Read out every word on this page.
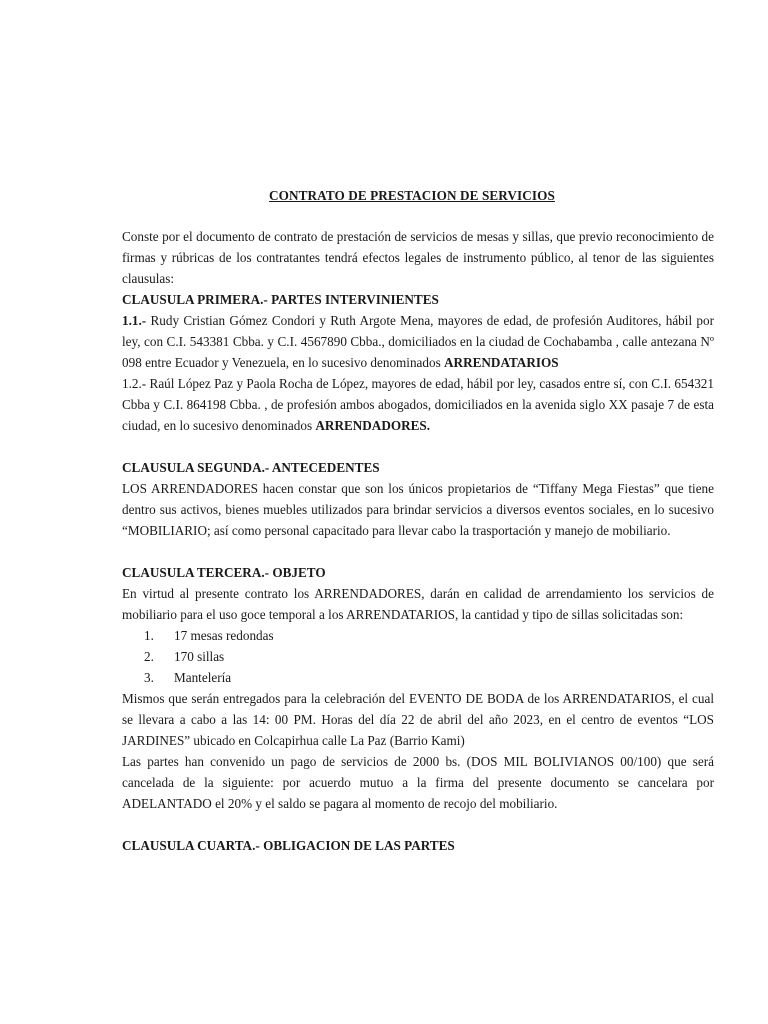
CONTRATO DE PRESTACION DE SERVICIOS

Conste por el documento de contrato de prestación de servicios de mesas y sillas, que previo reconocimiento de firmas y rúbricas de los contratantes tendrá efectos legales de instrumento público, al tenor de las siguientes clausulas:

CLAUSULA PRIMERA.- PARTES INTERVINIENTES

1.1.- Rudy Cristian Gómez Condori y Ruth Argote Mena, mayores de edad, de profesión Auditores, hábil por ley, con C.I. 543381 Cbba. y C.I. 4567890 Cbba., domiciliados en la ciudad de Cochabamba , calle antezana Nº 098 entre Ecuador y Venezuela, en lo sucesivo denominados ARRENDATARIOS

1.2.- Raúl López Paz y Paola Rocha de López, mayores de edad, hábil por ley, casados entre sí, con C.I. 654321 Cbba y C.I. 864198 Cbba. , de profesión ambos abogados, domiciliados en la avenida siglo XX pasaje 7 de esta ciudad, en lo sucesivo denominados ARRENDADORES.

CLAUSULA SEGUNDA.- ANTECEDENTES

LOS ARRENDADORES hacen constar que son los únicos propietarios de “Tiffany Mega Fiestas” que tiene dentro sus activos, bienes muebles utilizados para brindar servicios a diversos eventos sociales, en lo sucesivo “MOBILIARIO; así como personal capacitado para llevar cabo la trasportación y manejo de mobiliario.

CLAUSULA TERCERA.- OBJETO

En virtud al presente contrato los ARRENDADORES, darán en calidad de arrendamiento los servicios de mobiliario para el uso goce temporal a los ARRENDATARIOS, la cantidad y tipo de sillas solicitadas son:

1.	17 mesas redondas
2.	170 sillas
3.	Mantelería

Mismos que serán entregados para la celebración del EVENTO DE BODA de los ARRENDATARIOS, el cual se llevara a cabo a las 14: 00 PM. Horas del día 22 de abril del año 2023, en el centro de eventos “LOS JARDINES” ubicado en Colcapirhua calle La Paz (Barrio Kami)

Las partes han convenido un pago de servicios de 2000 bs. (DOS MIL BOLIVIANOS 00/100) que será cancelada de la siguiente: por acuerdo mutuo a la firma del presente documento se cancelara por ADELANTADO el 20% y el saldo se pagara al momento de recojo del mobiliario.

CLAUSULA CUARTA.- OBLIGACION DE LAS PARTES
